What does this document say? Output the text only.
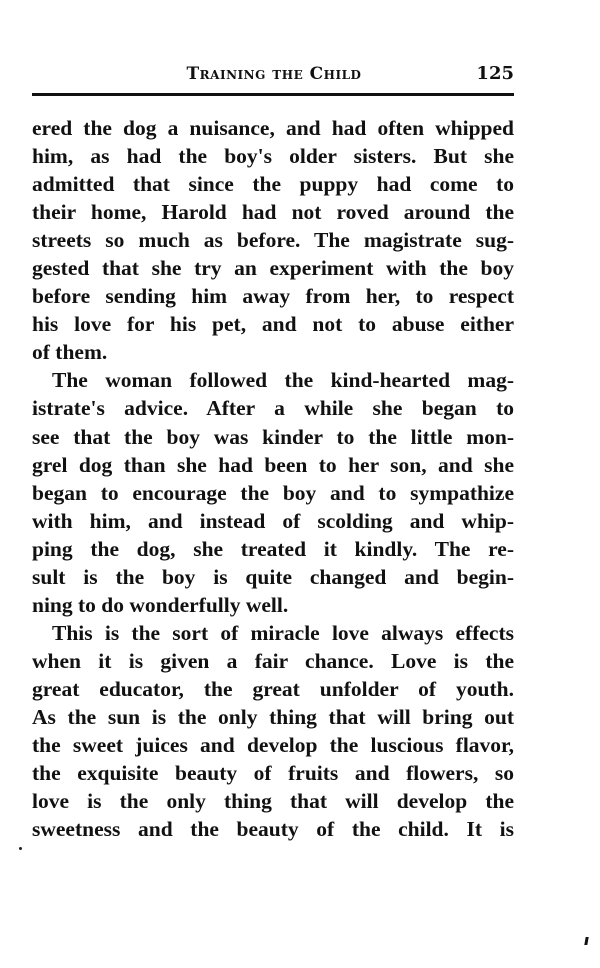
Training the Child	125
ered the dog a nuisance, and had often whipped
him, as had the boy's older sisters. But she
admitted that since the puppy had come to
their home, Harold had not roved around the
streets so much as before. The magistrate sug-
gested that she try an experiment with the boy
before sending him away from her, to respect
his love for his pet, and not to abuse either
of them.
The woman followed the kind-hearted mag-
istrate's advice. After a while she began to
see that the boy was kinder to the little mon-
grel dog than she had been to her son, and she
began to encourage the boy and to sympathize
with him, and instead of scolding and whip-
ping the dog, she treated it kindly. The re-
sult is the boy is quite changed and begin-
ning to do wonderfully well.
This is the sort of miracle love always effects
when it is given a fair chance. Love is the
great educator, the great unfolder of youth.
As the sun is the only thing that will bring out
the sweet juices and develop the luscious flavor,
the exquisite beauty of fruits and flowers, so
love is the only thing that will develop the
sweetness and the beauty of the child. It is
